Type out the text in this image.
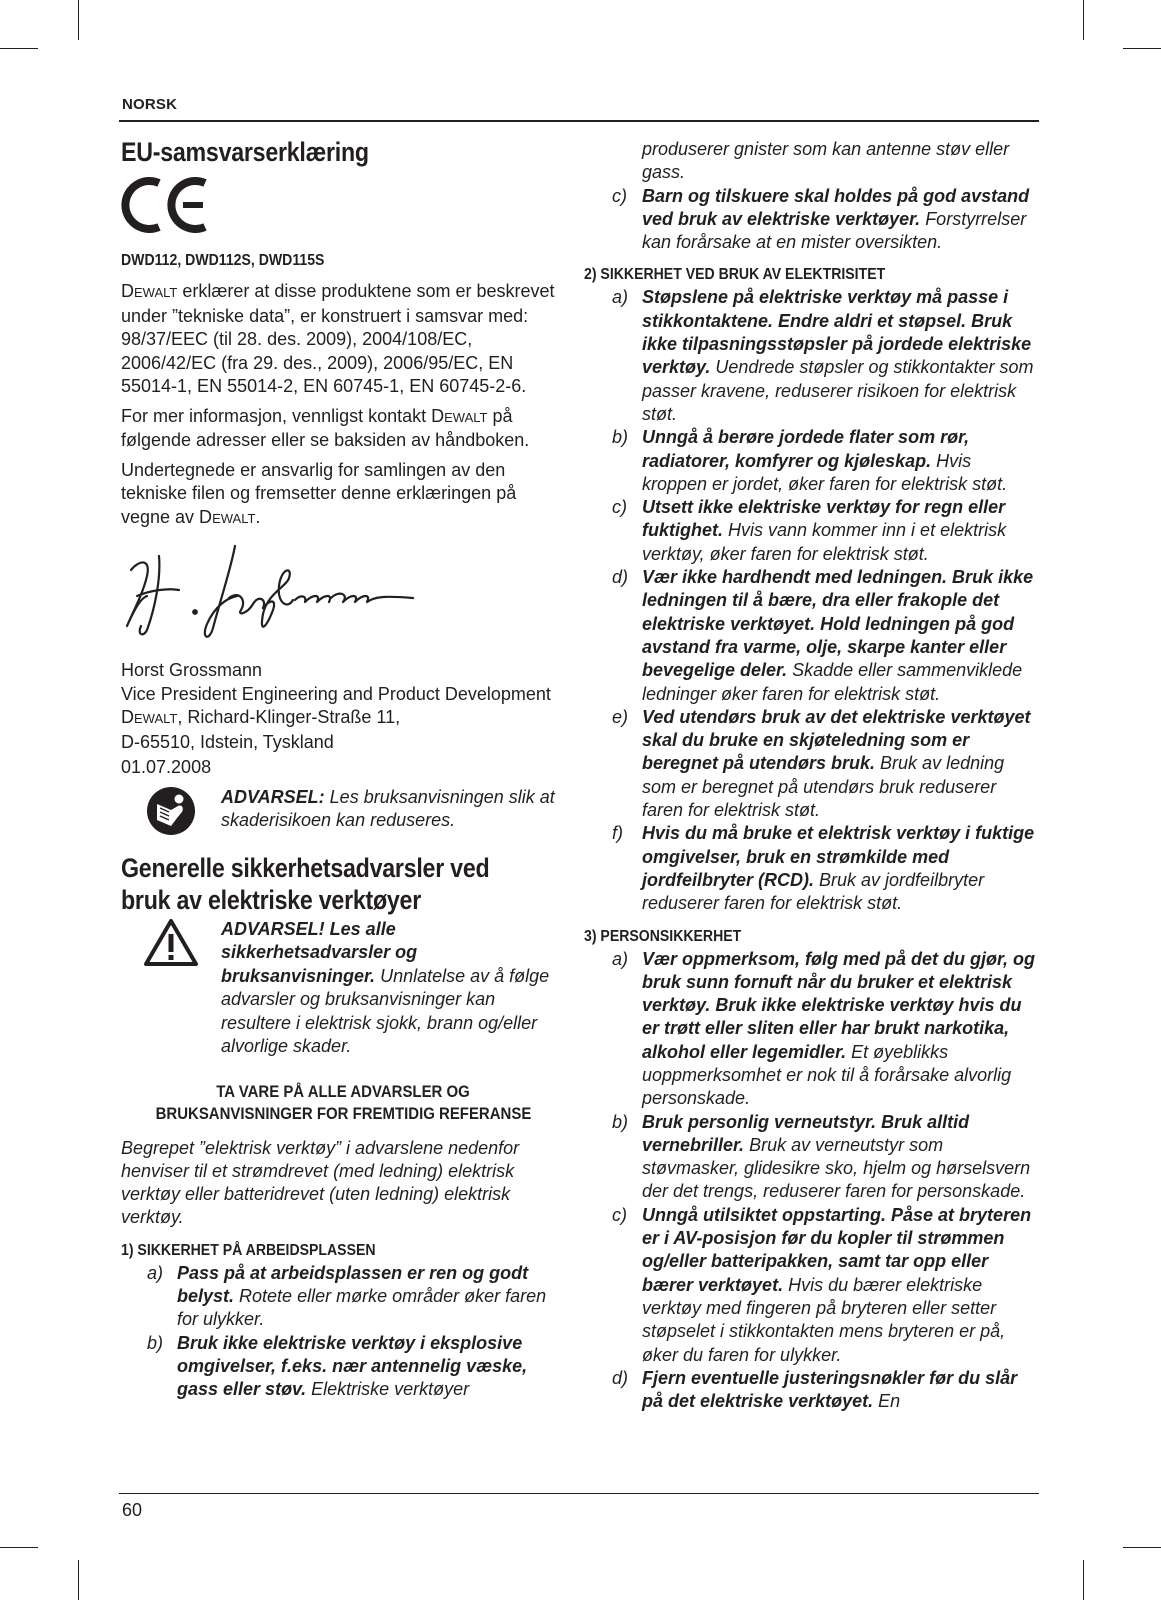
NORSK
EU-samsvarserklæring
DWD112, DWD112S, DWD115S
DEWALT erklærer at disse produktene som er beskrevet under ”tekniske data”, er konstruert i samsvar med:
98/37/EEC (til 28. des. 2009), 2004/108/EC, 2006/42/EC (fra 29. des., 2009), 2006/95/EC, EN 55014-1, EN 55014-2, EN 60745-1, EN 60745-2-6.
For mer informasjon, vennligst kontakt DEWALT på følgende adresser eller se baksiden av håndboken.
Undertegnede er ansvarlig for samlingen av den tekniske filen og fremsetter denne erklæringen på vegne av DEWALT.
Horst Grossmann
Vice President Engineering and Product Development
DEWALT, Richard-Klinger-Straße 11,
D-65510, Idstein, Tyskland
01.07.2008
ADVARSEL: Les bruksanvisningen slik at skaderisikoen kan reduseres.
Generelle sikkerhetsadvarsler ved
bruk av elektriske verktøyer
ADVARSEL! Les alle sikkerhetsadvarsler og bruksanvisninger. Unnlatelse av å følge advarsler og bruksanvisninger kan resultere i elektrisk sjokk, brann og/eller alvorlige skader.
TA VARE PÅ ALLE ADVARSLER OG
BRUKSANVISNINGER FOR FREMTIDIG REFERANSE
Begrepet ”elektrisk verktøy” i advarslene nedenfor henviser til et strømdrevet (med ledning) elektrisk verktøy eller batteridrevet (uten ledning) elektrisk verktøy.
1) SIKKERHET PÅ ARBEIDSPLASSEN
a) Pass på at arbeidsplassen er ren og godt belyst. Rotete eller mørke områder øker faren for ulykker.
b) Bruk ikke elektriske verktøy i eksplosive omgivelser, f.eks. nær antennelig væske, gass eller støv. Elektriske verktøyer
produserer gnister som kan antenne støv eller gass.
c) Barn og tilskuere skal holdes på god avstand ved bruk av elektriske verktøyer. Forstyrrelser kan forårsake at en mister oversikten.
2) SIKKERHET VED BRUK AV ELEKTRISITET
a) Støpslene på elektriske verktøy må passe i stikkontaktene. Endre aldri et støpsel. Bruk ikke tilpasningsstøpsler på jordede elektriske verktøy. Uendrede støpsler og stikkontakter som passer kravene, reduserer risikoen for elektrisk støt.
b) Unngå å berøre jordede flater som rør, radiatorer, komfyrer og kjøleskap. Hvis kroppen er jordet, øker faren for elektrisk støt.
c) Utsett ikke elektriske verktøy for regn eller fuktighet. Hvis vann kommer inn i et elektrisk verktøy, øker faren for elektrisk støt.
d) Vær ikke hardhendt med ledningen. Bruk ikke ledningen til å bære, dra eller frakople det elektriske verktøyet. Hold ledningen på god avstand fra varme, olje, skarpe kanter eller bevegelige deler. Skadde eller sammenviklede ledninger øker faren for elektrisk støt.
e) Ved utendørs bruk av det elektriske verktøyet skal du bruke en skjøteledning som er beregnet på utendørs bruk. Bruk av ledning som er beregnet på utendørs bruk reduserer faren for elektrisk støt.
f)	Hvis du må bruke et elektrisk verktøy i fuktige omgivelser, bruk en strømkilde med jordfeilbryter (RCD). Bruk av jordfeilbryter reduserer faren for elektrisk støt.
3) PERSONSIKKERHET
a) Vær oppmerksom, følg med på det du gjør, og bruk sunn fornuft når du bruker et elektrisk verktøy. Bruk ikke elektriske verktøy hvis du er trøtt eller sliten eller har brukt narkotika, alkohol eller legemidler. Et øyeblikks uoppmerksomhet er nok til å forårsake alvorlig personskade.
b) Bruk personlig verneutstyr. Bruk alltid vernebriller. Bruk av verneutstyr som støvmasker, glidesikre sko, hjelm og hørselsvern der det trengs, reduserer faren for personskade.
c) Unngå utilsiktet oppstarting. Påse at bryteren er i AV-posisjon før du kopler til strømmen og/eller batteripakken, samt tar opp eller bærer verktøyet. Hvis du bærer elektriske verktøy med fingeren på bryteren eller setter støpselet i stikkontakten mens bryteren er på, øker du faren for ulykker.
d) Fjern eventuelle justeringsnøkler før du slår på det elektriske verktøyet. En
60
